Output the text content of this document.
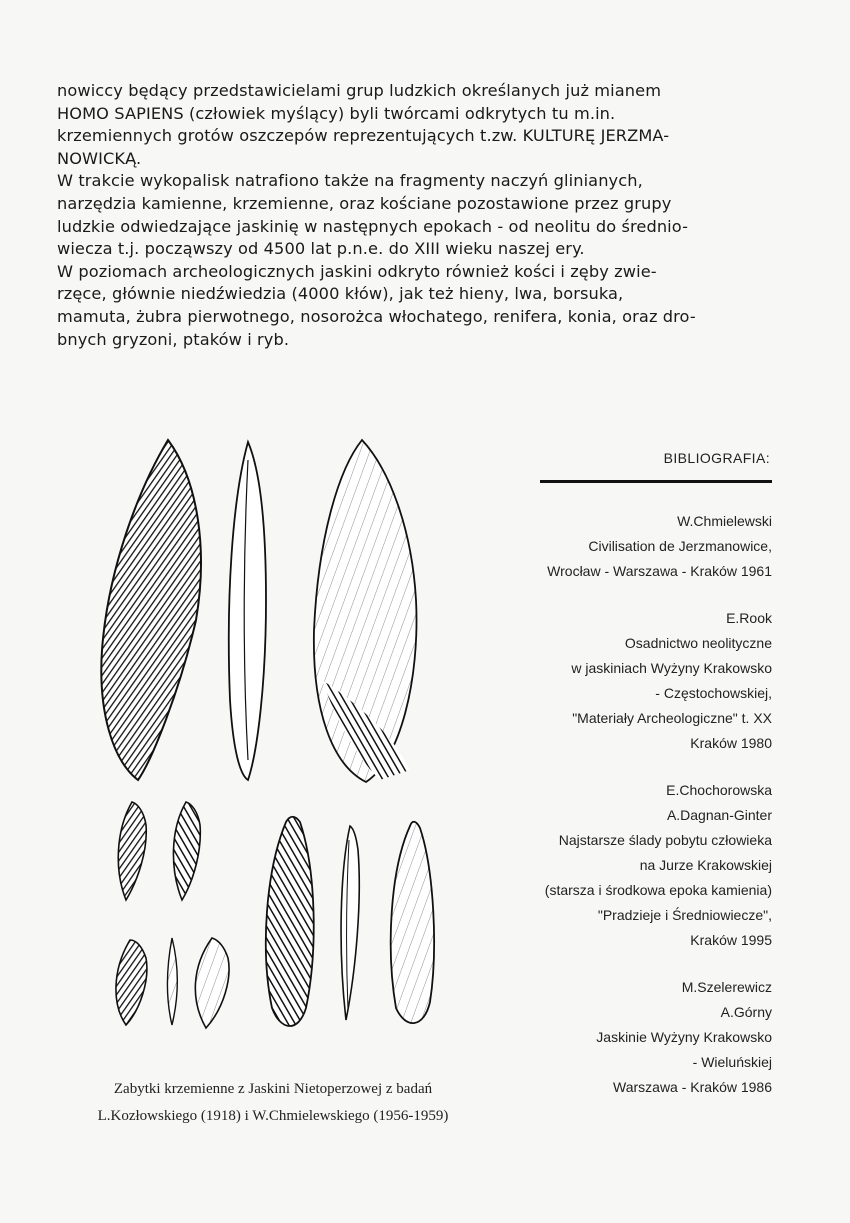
nowiccy będący przedstawicielami grup ludzkich określanych już mianem
HOMO SAPIENS (człowiek myślący) byli twórcami odkrytych tu m.in.
krzemiennych grotów oszczepów reprezentujących t.zw. KULTURĘ JERZMA-
NOWICKĄ.
W trakcie wykopalisk natrafiono także na fragmenty naczyń glinianych,
narzędzia kamienne, krzemienne, oraz kościane pozostawione przez grupy
ludzkie odwiedzające jaskinię w następnych epokach - od neolitu do średnio-
wiecza t.j. począwszy od 4500 lat p.n.e. do XIII wieku naszej ery.
W poziomach archeologicznych jaskini odkryto również kości i zęby zwie-
rzęce, głównie niedźwiedzia (4000 kłów), jak też hieny, lwa, borsuka,
mamuta, żubra pierwotnego, nosorożca włochatego, renifera, konia, oraz dro-
bnych gryzoni, ptaków i ryb.
Zabytki krzemienne z Jaskini Nietoperzowej z badań
L.Kozłowskiego (1918) i W.Chmielewskiego (1956-1959)
BIBLIOGRAFIA:
W.Chmielewski
Civilisation de Jerzmanowice,
Wrocław - Warszawa - Kraków 1961
E.Rook
Osadnictwo neolityczne
w jaskiniach Wyżyny Krakowsko
- Częstochowskiej,
"Materiały Archeologiczne" t. XX
Kraków 1980
E.Chochorowska
A.Dagnan-Ginter
Najstarsze ślady pobytu człowieka
na Jurze Krakowskiej
(starsza i środkowa epoka kamienia)
"Pradzieje i Średniowiecze",
Kraków 1995
M.Szelerewicz
A.Górny
Jaskinie Wyżyny Krakowsko
- Wieluńskiej
Warszawa - Kraków 1986
